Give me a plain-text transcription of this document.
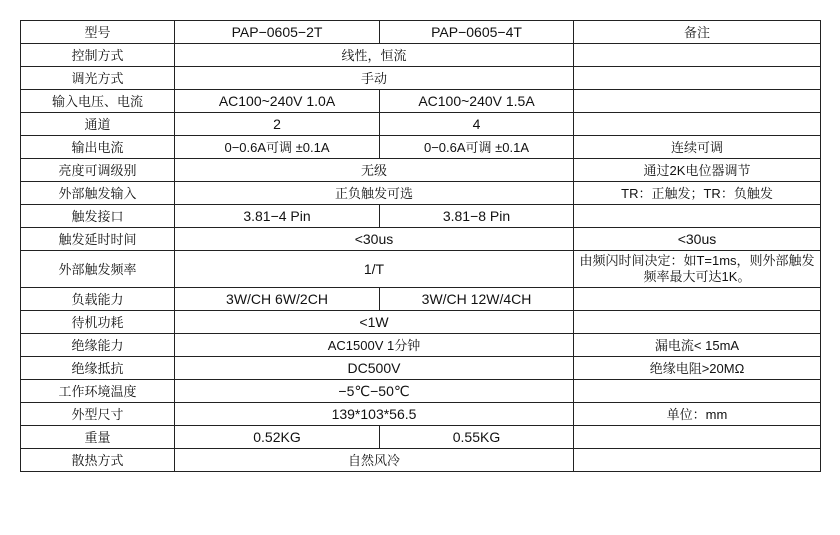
型号	PAP−0605−2T	PAP−0605−4T	备注
控制方式	线性，恒流		
调光方式	手动		
输入电压、电流	AC100~240V 1.0A	AC100~240V 1.5A	
通道	2	4	
输出电流	0−0.6A可调 ±0.1A	0−0.6A可调 ±0.1A	连续可调
亮度可调级别	无级		通过2K电位器调节
外部触发输入	正负触发可选		TR：正触发；TR：负触发
触发接口	3.81−4 Pin	3.81−8 Pin	
触发延时时间	<30us		<30us
外部触发频率	1/T		由频闪时间决定：如T=1ms，则外部触发频率最大可达1K。
负载能力	3W/CH 6W/2CH	3W/CH 12W/4CH	
待机功耗	<1W		
绝缘能力	AC1500V 1分钟		漏电流< 15mA
绝缘抵抗	DC500V		绝缘电阻>20MΩ
工作环境温度	−5℃−50℃		
外型尺寸	139*103*56.5		单位：mm
重量	0.52KG	0.55KG	
散热方式	自然风冷		
